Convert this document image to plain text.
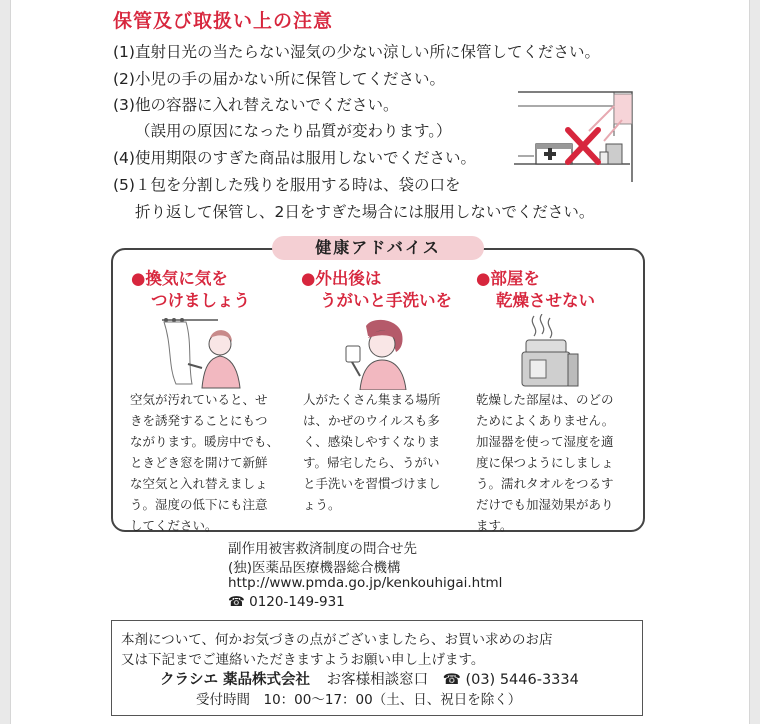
保管及び取扱い上の注意
(1)直射日光の当たらない湿気の少ない涼しい所に保管してください。
(2)小児の手の届かない所に保管してください。
(3)他の容器に入れ替えないでください。
（誤用の原因になったり品質が変わります。）
(4)使用期限のすぎた商品は服用しないでください。
(5)１包を分割した残りを服用する時は、袋の口を
折り返して保管し、2日をすぎた場合には服用しないでください。
健康アドバイス
●換気に気を
つけましょう
空気が汚れていると、せ
きを誘発することにもつ
ながります。暖房中でも、
ときどき窓を開けて新鮮
な空気と入れ替えましょ
う。湿度の低下にも注意
してください。
●外出後は
うがいと手洗いを
人がたくさん集まる場所
は、かぜのウイルスも多
く、感染しやすくなりま
す。帰宅したら、うがい
と手洗いを習慣づけまし
ょう。
●部屋を
乾燥させない
乾燥した部屋は、のどの
ためによくありません。
加湿器を使って湿度を適
度に保つようにしましょ
う。濡れタオルをつるす
だけでも加湿効果があり
ます。
副作用被害救済制度の問合せ先
(独)医薬品医療機器総合機構
http://www.pmda.go.jp/kenkouhigai.html
☎ 0120-149-931
本剤について、何かお気づきの点がございましたら、お買い求めのお店
又は下記までご連絡いただきますようお願い申し上げます。
クラシエ 薬品株式会社 お客様相談窓口 ☎ (03) 5446-3334
受付時間　10：00〜17：00（土、日、祝日を除く）
